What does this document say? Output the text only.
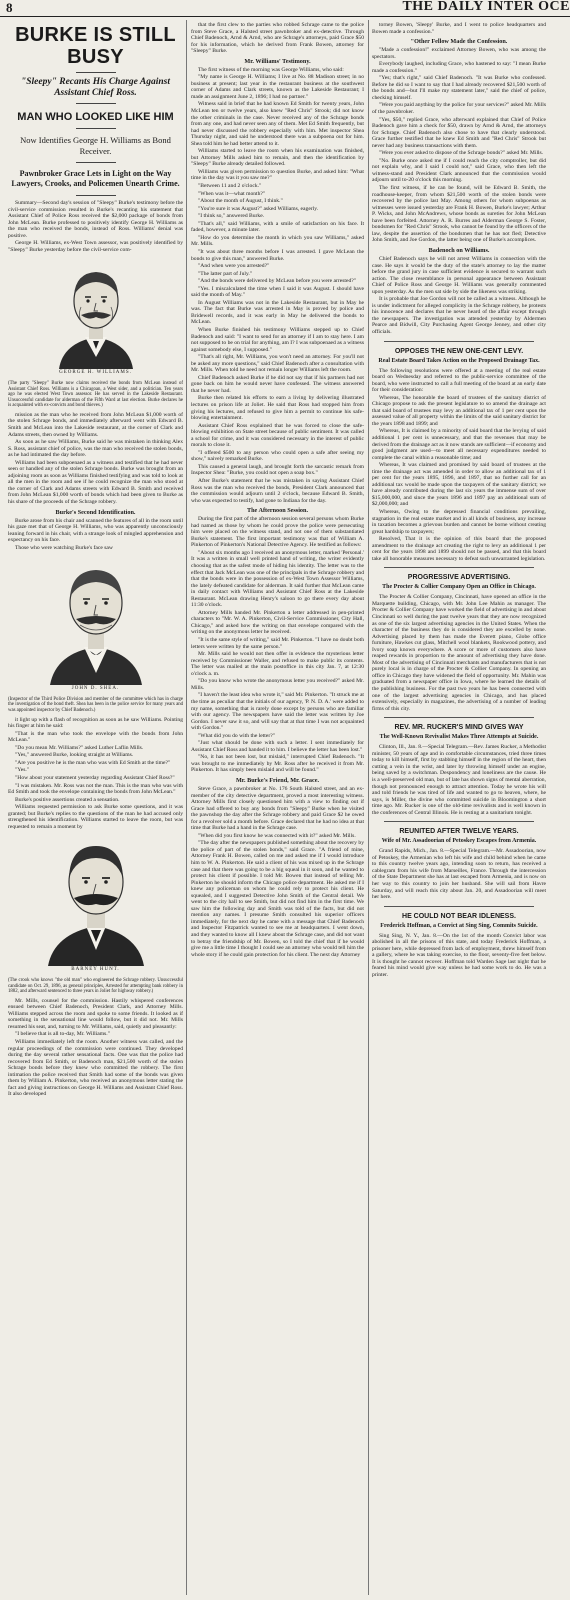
8	THE DAILY INTER OCE
BURKE IS STILL BUSY
"Sleepy" Recants His Charge Against Assistant Chief Ross.
MAN WHO LOOKED LIKE HIM
Now Identifies George H. Williams as Bond Receiver.
Pawnbroker Grace Lets in Light on the Way Lawyers, Crooks, and Policemen Unearth Crime.

Summary—Second day's session of "Sleepy" Burke's testimony before the civil-service commission resulted in Burke's recanting his statement that Assistant Chief of Police Ross received the $2,000 package of bonds from John McLean. Burke professed to positively identify George H. Williams as the man who received the bonds, instead of Ross. Williams' denial was positive.

George H. Williams, ex-West Town assessor, was positively identified by "Sleepy" Burke yesterday before the civil-service com-

GEORGE H. WILLIAMS.
(The party "Sleepy" Burke now claims received the bonds from McLean instead of Assistant Chief Ross. Williams is a Chicagoan, a West sider, and a politician. Ten years ago he was elected West Town assessor. He has served in the Lakeside Restaurant. Unsuccessful candidate for alderman of the Fifth Ward at last election. Burke declares he is acquainted with ex-convicts and bond thieves.)

mission as the man who he received from John McLean $1,000 worth of the stolen Schrage bonds, and immediately afterward went with Edward B. Smith and McLean into the Lakeside restaurant, at the corner of Clark and Adams streets, then owned by Williams.

As soon as he saw Williams, Burke said he was mistaken in thinking Alex S. Ross, assistant chief of police, was the man who received the stolen bonds, as he had intimated the day before.

Williams had been subpoenaed as a witness and testified that he had never seen or handled any of the stolen Schrage bonds. Burke was brought from an adjoining room as soon as Williams finished testifying and was told to look at all the men in the room and see if he could recognize the man who stood at the corner of Clark and Adams streets with Edward B. Smith and received from John McLean $1,000 worth of bonds which had been given to Burke as his share of the proceeds of the Schrage robbery.

Burke's Second Identification.

Burke arose from his chair and scanned the features of all in the room until his gaze met that of George H. Williams, who was apparently unconsciously leaning forward in his chair, with a strange look of mingled apprehension and expectancy on his face.

Those who were watching Burke's face saw

JOHN D. SHEA.
(Inspector of the Third Police Division and member of the committee which has in charge the investigation of the bond theft. Shea has been in the police service for many years and was appointed inspector by Chief Badenoch.)

it light up with a flash of recognition as soon as he saw Williams. Pointing his finger at him he said:

"That is the man who took the envelope with the bonds from John McLean."

"Do you mean Mr. Williams?" asked Luther Laflin Mills.

"Yes," answered Burke, looking straight at Williams.

"Are you positive he is the man who was with Ed Smith at the time?"

"Yes."

"How about your statement yesterday regarding Assistant Chief Ross?"

"I was mistaken. Mr. Ross was not the man. This is the man who was with Ed Smith and took the envelope containing the bonds from John McLean."

Burke's positive assertions created a sensation.

Williams requested permission to ask Burke some questions, and it was granted; but Burke's replies to the questions of the man he had accused only strengthened his identification. Williams started to leave the room, but was requested to remain a moment by

BARNEY HUNT.
(The crook who knows "the old man" who engineered the Schrage robbery. Unsuccessful candidate on Oct. 29, 1896, as general principles, Arrested for attempting bank robbery in 1882, and afterward sentenced to three years in Joliet for highway robbery.)

Mr. Mills, counsel for the commission. Hastily whispered conferences ensued between Chief Badenoch, President Clark, and Attorney Mills. Williams stepped across the room and spoke to some friends. It looked as if something in the sensational line would follow, but it did not. Mr. Mills resumed his seat, and, turning to Mr. Williams, said, quietly and pleasantly:

"I believe that is all to-day, Mr. Williams."

Williams immediately left the room. Another witness was called, and the regular proceedings of the commission were continued. They developed during the day several rather sensational facts. One was that the police had recovered from Ed Smith, or Badenoch man, $21,500 worth of the stolen Schrage bonds before they knew who committed the robbery. The first intimation the police received that Smith had some of the bonds was given them by William A. Pinkerton, who received an anonymous letter stating the fact and giving instructions on George H. Williams and Assistant Chief Ross. It also developed

that the first clew to the parties who robbed Schrage came to the police from Steve Grace, a Halsted street pawnbroker and ex-detective. Through Chief Badenoch, Arnd & Arnd, who are Schrage's attorneys, paid Grace $50 for his information, which he derived from Frank Bowen, attorney for "Sleepy" Burke.

Mr. Williams' Testimony.

The first witness of the morning was George Williams, who said:

"My name is George H. Williams; I live at No. 88 Madison street; in no business at present; last year in the restaurant business at the southwest corner of Adams and Clark streets, known as the Lakeside Restaurant; I made an assignment June 2, 1896; I had no partner."

Witness said in brief that he had known Ed Smith for twenty years, John McLean ten or twelve years, also knew "Red Chris" Strook; did not know the other criminals in the case. Never received any of the Schrage bonds from any one, and had never seen any of them. Met Ed Smith frequently, but had never discussed the robbery especially with him. Met inspector Shea Thursday night, and said he understood there was a subpoena out for him. Shea told him he had better attend to it.

Williams started to leave the room when his examination was finished, but Attorney Mills asked him to remain, and then the identification by "Sleepy" Burke already detailed followed.

Williams was given permission to question Burke, and asked him: "What time in the day was it you saw me?"

"Between 11 and 2 o'clock."

"When was it—what month?"

"About the month of August, I think."

"You're sure it was August?" asked Williams, eagerly.

"I think so," answered Burke.

"That's all," said Williams, with a smile of satisfaction on his face. It faded, however, a minute later.

"How do you determine the month in which you saw Williams," asked Mr. Mills.

"It was about three months before I was arrested. I gave McLean the bonds to give this man," answered Burke.

"And when were you arrested?"

"The latter part of July."

"And the bonds were delivered by McLean before you were arrested?"

"Yes. I miscalculated the time when I said it was August. I should have said the month of May."

In August Williams was not in the Lakeside Restaurant, but in May he was. The fact that Burke was arrested in May is proved by police and Bridewell records, and it was early in May he delivered the bonds to McLean.

When Burke finished his testimony Williams stepped up to Chief Badenoch and said: "I want to send for an attorney if I am to stay here. I am not supposed to be on trial for anything, am I? I was subpoenaed as a witness against somebody else, I supposed."

"That's all right, Mr. Williams, you won't need an attorney. For you'll not be asked any more questions," said Chief Badenoch after a consultation with Mr. Mills. When told he need not remain longer Williams left the room.

Chief Badenoch asked Burke if he did not say that if his partners had not gone back on him he would never have confessed. The witness answered that he never had.

Burke then related his efforts to earn a living by delivering illustrated lectures on prison life at Joliet. He said that Ross had stopped him from giving his lectures, and refused to give him a permit to continue his safe-blowing entertainment.

Assistant Chief Ross explained that he was forced to close the safe-blowing exhibition on State street because of public sentiment. It was called a school for crime, and it was considered necessary in the interest of public morals to close it.

"I offered $500 to any person who could open a safe after seeing my show," naively remarked Burke.

This caused a general laugh, and brought forth the sarcastic remark from Inspector Shea: "Burke, you could not open a soap box."

After Burke's statement that he was mistaken in saying Assistant Chief Ross was the man who received the bonds, President Clark announced that the commission would adjourn until 2 o'clock, because Edward B. Smith, who was expected to testify, had gone to Indiana for the day.

The Afternoon Session.

During the first part of the afternoon session several persons whom Burke had named as those by whom he could prove the police were persecuting him were placed on the witness stand, and not one of them substantiated Burke's statement. The first important testimony was that of William A. Pinkerton of Pinkerton's National Detective Agency. He testified as follows:

"About six months ago I received an anonymous letter, marked 'Personal.' It was a written in small well printed hand of writing, the writer evidently choosing that as the safest mode of hiding his identity. The letter was to the effect that Jack McLean was one of the principals in the Schrage robbery and that the bonds were in the possession of ex-West Town Assessor Williams, the lately defeated candidate for alderman. It said further that McLean came in daily contact with Williams and Assistant Chief Ross at the Lakeside Restaurant. McLean drawing Henry's saloon to go there every day about 11:30 o'clock.

Attorney Mills handed Mr. Pinkerton a letter addressed in pen-printed characters to "Mr. W. A. Pinkerton, Civil-Service Commissioner, City Hall, Chicago," and asked how the writing on that envelope compared with the writing on the anonymous letter he received.

"It is the same style of writing," said Mr. Pinkerton. "I have no doubt both letters were written by the same person."

Mr. Mills said he would not then offer in evidence the mysterious letter received by Commissioner Waller, and refused to make public its contents. The letter was mailed at the main postoffice in this city Jan. 7, at 12:30 o'clock a. m.

"Do you know who wrote the anonymous letter you received?" asked Mr. Mills.

"I haven't the least idea who wrote it," said Mr. Pinkerton. "It struck me at the time as peculiar that the initials of our agency, 'P. N. D. A.' were added to my name, something that is rarely done except by persons who are familiar with our agency. The newspapers have said the letter was written by Joe Gordon. I never saw it so, and will say that at that time I was not acquainted with Gordon."

"What did you do with the letter?"

"Just what should be done with such a letter. I sent immediately for Assistant Chief Ross and handed it to him. I believe the letter has been lost."

"No, it has not been lost, but mislaid," interrupted Chief Badenoch. "It was brought to me immediately by Mr. Ross after he received it from Mr. Pinkerton. It has simply been mislaid and will be found."

Mr. Burke's Friend, Mr. Grace.

Steve Grace, a pawnbroker at No. 176 South Halsted street, and an ex-member of the city detective department, proved a most interesting witness. Attorney Mills first closely questioned him with a view to finding out if Grace had offered to buy any bonds from "Sleepy" Burke when he visited the pawnshop the day after the Schrage robbery and paid Grace $2 he owed for a revolver sold a month before. Grace declared that he had no idea at that time that Burke had a hand in the Schrage case.

"When did you first know he was connected with it?" asked Mr. Mills.

"The day after the newspapers published something about the recovery by the police of part of the stolen bonds," said Grace. "A friend of mine, Attorney Frank H. Bowen, called on me and asked me if I would introduce him to W. A. Pinkerton. He said a client of his was mixed up in the Schrage case and that there was going to be a big squeal in it soon, and he wanted to protect his client if possible. I told Mr. Bowen that instead of telling Mr. Pinkerton he should inform the Chicago police department. He asked me if I knew any policeman on whom he could rely to protect his client. He squealed, and I suggested Detective John Smith of the Central detail. We went to the city hall to see Smith, but did not find him in the first time. We saw him the following day and Smith was told of the facts, but did not mention any names. I presume Smith consulted his superior officers immediately, for the next day he came with a message that Chief Badenoch and Inspector Fitzpatrick wanted to see me at headquarters. I went down, and they wanted to know all I knew about the Schrage case, and did not want to betray the friendship of Mr. Bowen, so I told the chief that if he would give me a little time I thought I could see an attorney who would tell him the whole story if he could gain protection for his client. The next day Attorney

torney Bowen, 'Sleepy' Burke, and I went to police headquarters and Bowen made a confession."

"Other Fellow Made the Confession.

"Made a confession!" exclaimed Attorney Bowen, who was among the spectators.

Everybody laughed, including Grace, who hastened to say: "I mean Burke made a confession."

"Yes; that's right," said Chief Badenoch. "It was Burke who confessed. Before he did so I want to say that I had already recovered $21,500 worth of the bonds and—but I'll make my statement later," said the chief of police, checking himself.

"Were you paid anything by the police for your services?" asked Mr. Mills of the pawnbroker.

"Yes, $50," replied Grace, who afterward explained that Chief of Police Badenoch gave him a check for $50, drawn by Arnd & Arnd, the attorneys for Schrage. Chief Badenoch also chose to have that clearly understood. Grace further testified that he knew Ed Smith and "Red Chris" Strook but never had any business transactions with them.

"Were you ever asked to dispose of the Schrage bonds?" asked Mr. Mills.

"No. Burke once asked me if I could reach the city comptroller, but did not explain why, and I said I could not," said Grace, who then left the witness-stand and President Clark announced that the commission would adjourn until to-20 o'clock this morning.

The first witness, if he can be found, will be Edward B. Smith, the roadhouse-keeper, from whom $21,500 worth of the stolen bonds were recovered by the police last May. Among others for whom subpoenas as witnesses were issued yesterday are Frank H. Bowen, Burke's lawyer; Arthur P. Wicks, and John McAndrews, whose bonds as sureties for John McLean have been forfeited. Attorney A. R. Burres and Alderman George S. Foster, bondsmen for "Red Chris" Strook, who cannot be found by the officers of the law, despite the assertion of the bondsmen that he has not fled; Detective John Smith, and Joe Gordon, the latter being one of Burke's accomplices.

Badenoch on Williams.

Chief Badenoch says he will not arrest Williams in connection with the case. He says it would be the duty of the state's attorney to lay the matter before the grand jury in case sufficient evidence is secured to warrant such action. The close resemblance in personal appearance between Assistant Chief of Police Ross and George H. Williams was generally commented upon yesterday. As the men sat side by side the likeness was striking.

It is probable that Joe Gordon will not be called as a witness. Although he is under indictment for alleged complicity in the Schrage robbery, he protests his innocence and declares that he never heard of the affair except through the newspapers. The investigation was attended yesterday by Aldermen Pearce and Bidwill, City Purchasing Agent George Jenney, and other city officials.

OPPOSES THE NEW ONE-CENT LEVY.
Real Estate Board Takes Action on the Proposed Drainage Tax.

The following resolutions were offered at a meeting of the real estate board on Wednesday and referred to the public-service committee of the board, who were instructed to call a full meeting of the board at an early date for their consideration:

Whereas, The honorable the board of trustees of the sanitary district of Chicago propose to ask the present legislature to so amend the drainage act that said board of trustees may levy an additional tax of 1 per cent upon the assessed value of all property within the limits of the said sanitary district for the years 1898 and 1899; and

Whereas, It is claimed by a minority of said board that the levying of said additional 1 per cent is unnecessary, and that the revenues that may be derived from the drainage act as it now stands are sufficient—if economy and good judgment are used—to meet all necessary expenditures needed to complete the canal within a reasonable time; and

Whereas, It was claimed and promised by said board of trustees at the time the drainage act was amended in order to allow an additional tax of 1 per cent for the years 1895, 1896, and 1897, that no further call for an additional tax would be made upon the taxpayers of the sanitary district; we have already contributed during the last six years the immense sum of over $15,000,000, and since the years 1896 and 1897 pay an additional sum of $2,000,000; and

Whereas, Owing to the depressed financial conditions prevailing, stagnation in the real estate market and in all kinds of business, any increase in taxation becomes a grievous burden and cannot be borne without creating great hardship to taxpayers;

Resolved, That it is the opinion of this board that the proposed amendment to the drainage act creating the right to levy an additional 1 per cent for the years 1898 and 1899 should not be passed, and that this board take all honorable measures necessary to defeat such unwarranted legislation.

PROGRESSIVE ADVERTISING.
The Procter & Collier Company Open an Office in Chicago.

The Procter & Collier Company, Cincinnati, have opened an office in the Marquette building, Chicago, with Mr. John Lee Mahin as manager. The Procter & Collier Company have worked the field of advertising in and about Cincinnati so well during the past twelve years that they are now recognized as one of the six largest advertising agencies in the United States. When the character of the business they do is considered they are excelled by none. Advertising placed by them has made the Everett piano, Globe office furniture, Hawkes cut glass, Mitchell wool blankets, Rookwood pottery, and Ivory soap known everywhere. A score or more of customers also have reaped rewards in proportion to the amount of advertising they have done. Most of the advertising of Cincinnati merchants and manufacturers that is not purely local is in charge of the Procter & Collier Company. In opening an office in Chicago they have widened the field of opportunity. Mr. Mahin was graduated from a newspaper office in Iowa, where he learned the details of the publishing business. For the past two years he has been connected with one of the largest advertising agencies in Chicago, and has placed extensively, especially in magazines, the advertising of a number of leading firms of this city.

REV. MR. RUCKER'S MIND GIVES WAY
The Well-Known Revivalist Makes Three Attempts at Suicide.

Clinton, Ill., Jan. 8.—Special Telegram.—Rev. James Rucker, a Methodist minister, 50 years of age and in comfortable circumstances, tried three times today to kill himself, first by stabbing himself in the region of the heart, then cutting a vein in the wrist, and later by throwing himself under an engine, being saved by a switchman. Despondency and loneliness are the cause. He is a well-preserved old man, but of late has shown signs of mental aberration, though not pronounced enough to attract attention. Today he wrote his will and told friends he was tired of life and wanted to go to heaven, where, he says, is Miller, the divine who committed suicide in Bloomington a short time ago. Mr. Rucker is one of the old-time revivalists and is well known in the conferences of Central Illinois. He is resting at a sanitarium tonight.

REUNITED AFTER TWELVE YEARS.
Wife of Mr. Assadoorian of Petoskey Escapes from Armenia.

Grand Rapids, Mich., Jan. 8.—Special Telegram.—Mr. Assadoorian, now of Petoskey, the Armenian who left his wife and child behind when he came to this country twelve years ago, intending soon to return, has received a cablegram from his wife from Marseilles, France. Through the intercession of the State Department she has at last escaped from Armenia, and is now on her way to this country to join her husband. She will sail from Havre Saturday, and will reach this city about Jan. 20, and Assadoorian will meet her here.

HE COULD NOT BEAR IDLENESS.
Frederick Hoffman, a Convict at Sing Sing, Commits Suicide.

Sing Sing, N. Y., Jan. 8.—On the 1st of the month Convict labor was abolished in all the prisons of this state, and today Frederick Hoffman, a prisoner here, while depressed from lack of employment, threw himself from a gallery, where he was taking exercise, to the floor, seventy-five feet below. It is thought he cannot recover. Hoffman told Warden Sage last night that he feared his mind would give way unless he had some work to do. He was a printer.
